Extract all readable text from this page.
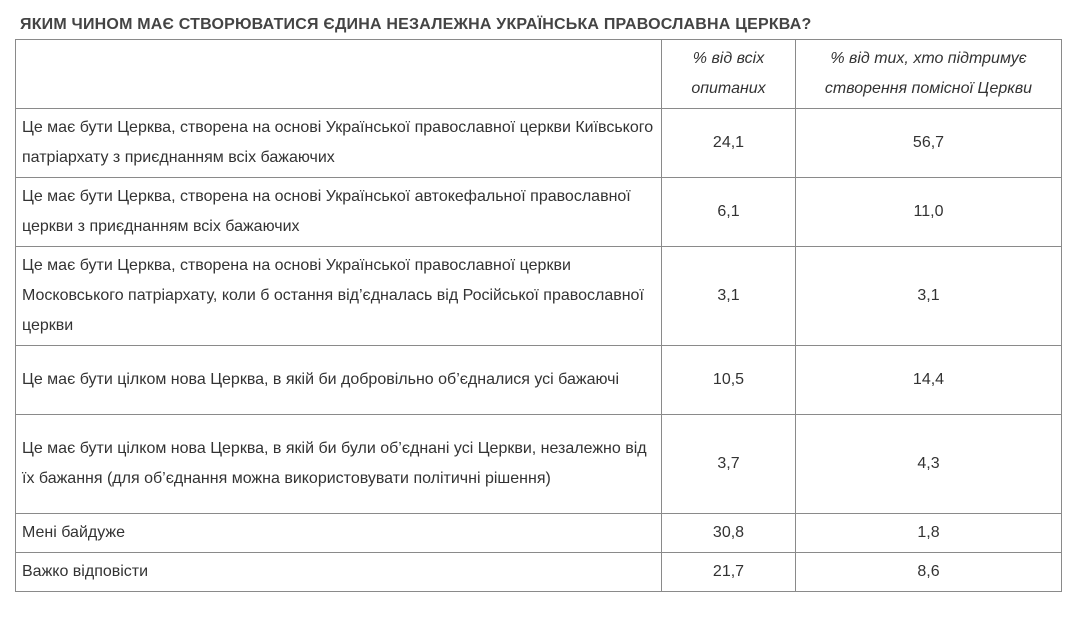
ЯКИМ ЧИНОМ МАЄ СТВОРЮВАТИСЯ ЄДИНА НЕЗАЛЕЖНА УКРАЇНСЬКА ПРАВОСЛАВНА ЦЕРКВА?
	% від всіх опитаних	% від тих, хто підтримує створення помісної Церкви
Це має бути Церква, створена на основі Української православної церкви Київського патріархату з приєднанням всіх бажаючих	24,1	56,7
Це має бути Церква, створена на основі Української автокефальної православної церкви з приєднанням всіх бажаючих	6,1	11,0
Це має бути Церква, створена на основі Української православної церкви Московського патріархату, коли б остання від’єдналась від Російської православної церкви	3,1	3,1
Це має бути цілком нова Церква, в якій би добровільно об’єдналися усі бажаючі	10,5	14,4
Це має бути цілком нова Церква, в якій би були об’єднані усі Церкви, незалежно від їх бажання (для об’єднання можна використовувати політичні рішення)	3,7	4,3
Мені байдуже	30,8	1,8
Важко відповісти	21,7	8,6
